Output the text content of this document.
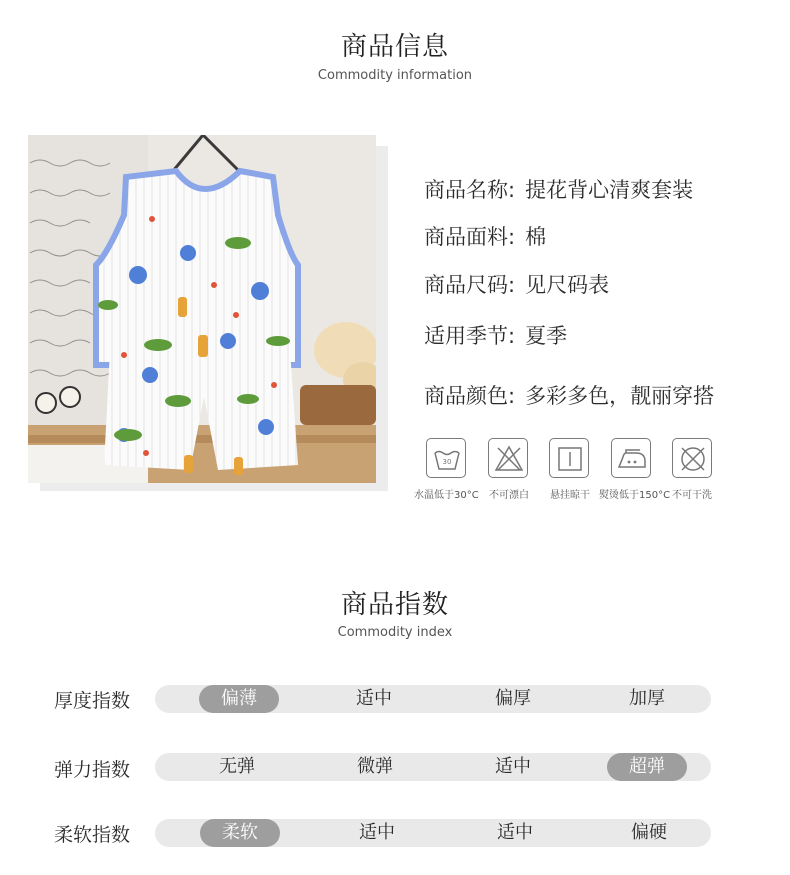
商品信息
Commodity information
商品名称: 提花背心清爽套装
商品面料: 棉
商品尺码: 见尺码表
适用季节: 夏季
商品颜色: 多彩多色，靓丽穿搭
30
水温低于30°C 不可漂白 悬挂晾干 熨烫低于150°C 不可干洗
商品指数
Commodity index
厚度指数	偏薄	适中	偏厚	加厚
弹力指数	无弹	微弹	适中	超弹
柔软指数	柔软	适中	适中	偏硬
